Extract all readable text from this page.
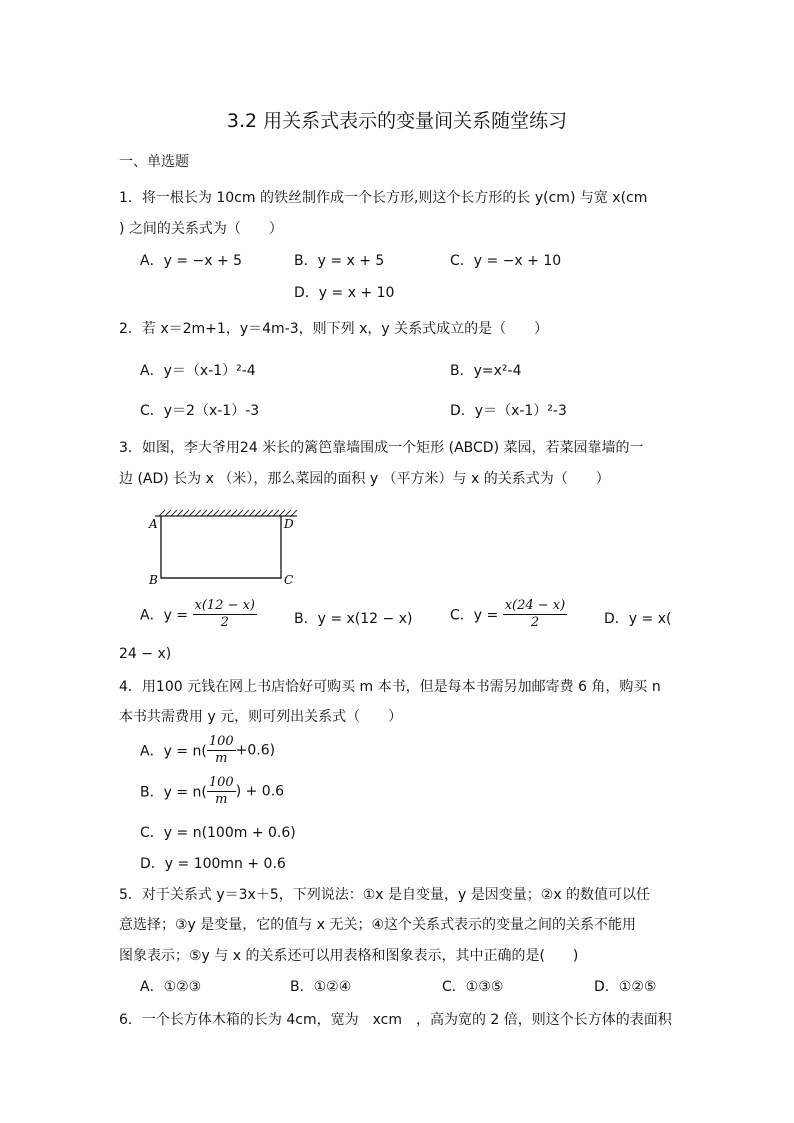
3.2 用关系式表示的变量间关系随堂练习
一、单选题
1．将一根长为 10cm 的铁丝制作成一个长方形,则这个长方形的长 y(cm) 与宽 x(cm
) 之间的关系式为（　　）
A．y = −x + 5	B．y = x + 5	C．y = −x + 10
D．y = x + 10
2．若 x＝2m+1，y＝4m-3，则下列 x，y 关系式成立的是（　　）
A．y＝（x-1）²-4	B．y=x²-4
C．y＝2（x-1）-3	D．y＝（x-1）²-3
3．如图，李大爷用24 米长的篱笆靠墙围成一个矩形 (ABCD) 菜园，若菜园靠墙的一
边 (AD) 长为 x （米），那么菜园的面积 y （平方米）与 x 的关系式为（　　）
A	D
B	C
A．$y = \frac{x(12 - x)}{2}$	B．y = x(12 − x)	C．$y = \frac{x(24 - x)}{2}$	D．y = x(
24 − x)
4．用100 元钱在网上书店恰好可购买 m 本书，但是每本书需另加邮寄费 6 角，购买 n
本书共需费用 y 元，则可列出关系式（　　）
A．$y = n( \frac{100}{m} +0.6)$
B．$y = n( \frac{100}{m}$ ) + 0.6
C．y = n(100m + 0.6)
D．y = 100mn + 0.6
5．对于关系式 y＝3x＋5，下列说法：①x 是自变量，y 是因变量；②x 的数值可以任
意选择；③y 是变量，它的值与 x 无关；④这个关系式表示的变量之间的关系不能用
图象表示；⑤y 与 x 的关系还可以用表格和图象表示，其中正确的是(　　)
A．①②③	B．①②④	C．①③⑤	D．①②⑤
6．一个长方体木箱的长为 4cm，宽为　xcm　，高为宽的 2 倍，则这个长方体的表面积
